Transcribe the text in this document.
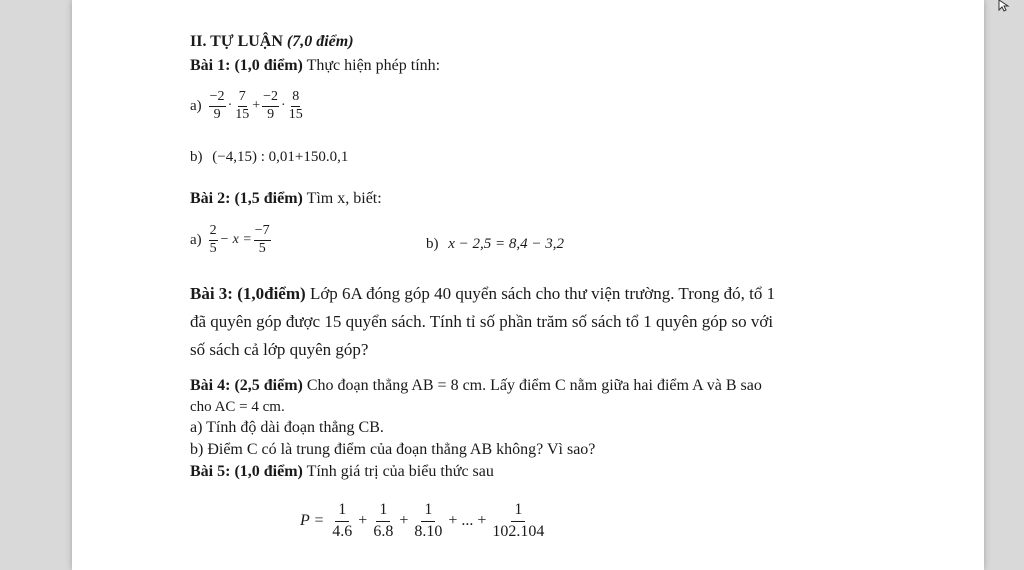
II. TỰ LUẬN (7,0 điểm)
Bài 1: (1,0 điểm) Thực hiện phép tính:
$a) \frac{-2}{9} \cdot \frac{7}{15} + \frac{-2}{9} \cdot \frac{8}{15}$
b) (−4,15) : 0,01+150.0,1
Bài 2: (1,5 điểm) Tìm x, biết:
$a) \frac{2}{5} - x = \frac{-7}{5}$	b) x − 2,5 = 8,4 − 3,2
Bài 3: (1,0điểm) Lớp 6A đóng góp 40 quyển sách cho thư viện trường. Trong đó, tổ 1
đã quyên góp được 15 quyển sách. Tính tỉ số phần trăm số sách tổ 1 quyên góp so với
số sách cả lớp quyên góp?
Bài 4: (2,5 điểm) Cho đoạn thẳng AB = 8 cm. Lấy điểm C nằm giữa hai điểm A và B sao
cho AC = 4 cm.
a) Tính độ dài đoạn thẳng CB.
b) Điểm C có là trung điểm của đoạn thẳng AB không? Vì sao?
Bài 5: (1,0 điểm) Tính giá trị của biểu thức sau
$P = \frac{1}{4.6} + \frac{1}{6.8} + \frac{1}{8.10}$ + ... + $\frac{1}{102.104}$
